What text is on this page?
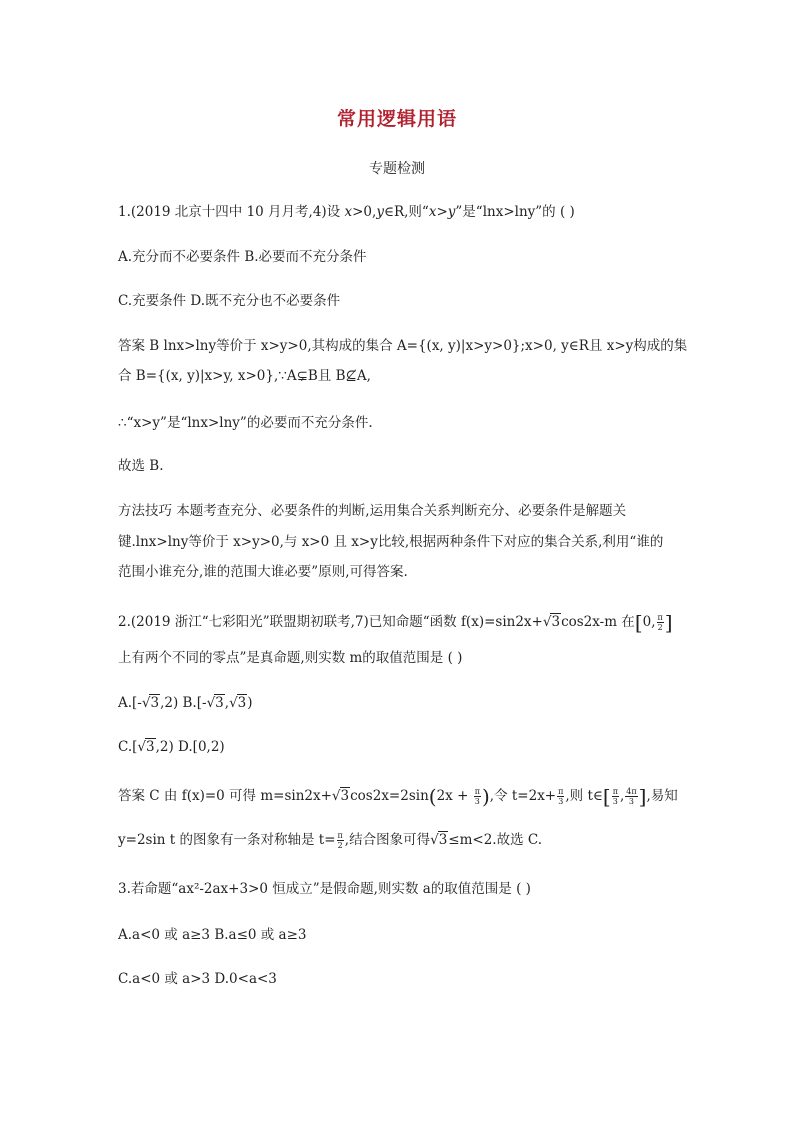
常用逻辑用语
专题检测
1.(2019 北京十四中 10 月月考,4)设 x>0,y∈R,则“x>y”是“lnx>lny”的 ( )
A.充分而不必要条件 B.必要而不充分条件
C.充要条件 D.既不充分也不必要条件
答案 B lnx>lny等价于 x>y>0,其构成的集合 A={(x, y)|x>y>0};x>0, y∈R且 x>y构成的集
合 B={(x, y)|x>y, x>0},∵A⊊B且 B⊈A,
∴“x>y”是“lnx>lny”的必要而不充分条件.
故选 B.
方法技巧 本题考查充分、必要条件的判断,运用集合关系判断充分、必要条件是解题关
键.lnx>lny等价于 x>y>0,与 x>0 且 x>y比较,根据两种条件下对应的集合关系,利用“谁的
范围小谁充分,谁的范围大谁必要”原则,可得答案.
2.(2019 浙江“七彩阳光”联盟期初联考,7)已知命题“函数 f(x)=sin2x+√3cos2x-m 在[0, $\frac{\pi}{2}$ ]
上有两个不同的零点”是真命题,则实数 m的取值范围是 ( )
A.[-√3,2) B.[-√3,√3)
C.[√3,2) D.[0,2)
答案 C 由 f(x)=0 可得 $m=\sin 2x+√3\cos 2x=2\sin(2x + \frac{\pi}{3}$ ),令 $t=2x+ \frac{\pi}{3}$ ,则 t∈[ $\frac{\pi}{3}$ , $\frac{4\pi}{3}$ ],易知
y=2sin t 的图象有一条对称轴是 $t= \frac{\pi}{2}$ ,结合图象可得√3≤m<2.故选 C.
3.若命题“ax²-2ax+3>0 恒成立”是假命题,则实数 a的取值范围是 ( )
A.a<0 或 a≥3 B.a≤0 或 a≥3
C.a<0 或 a>3 D.0<a<3
